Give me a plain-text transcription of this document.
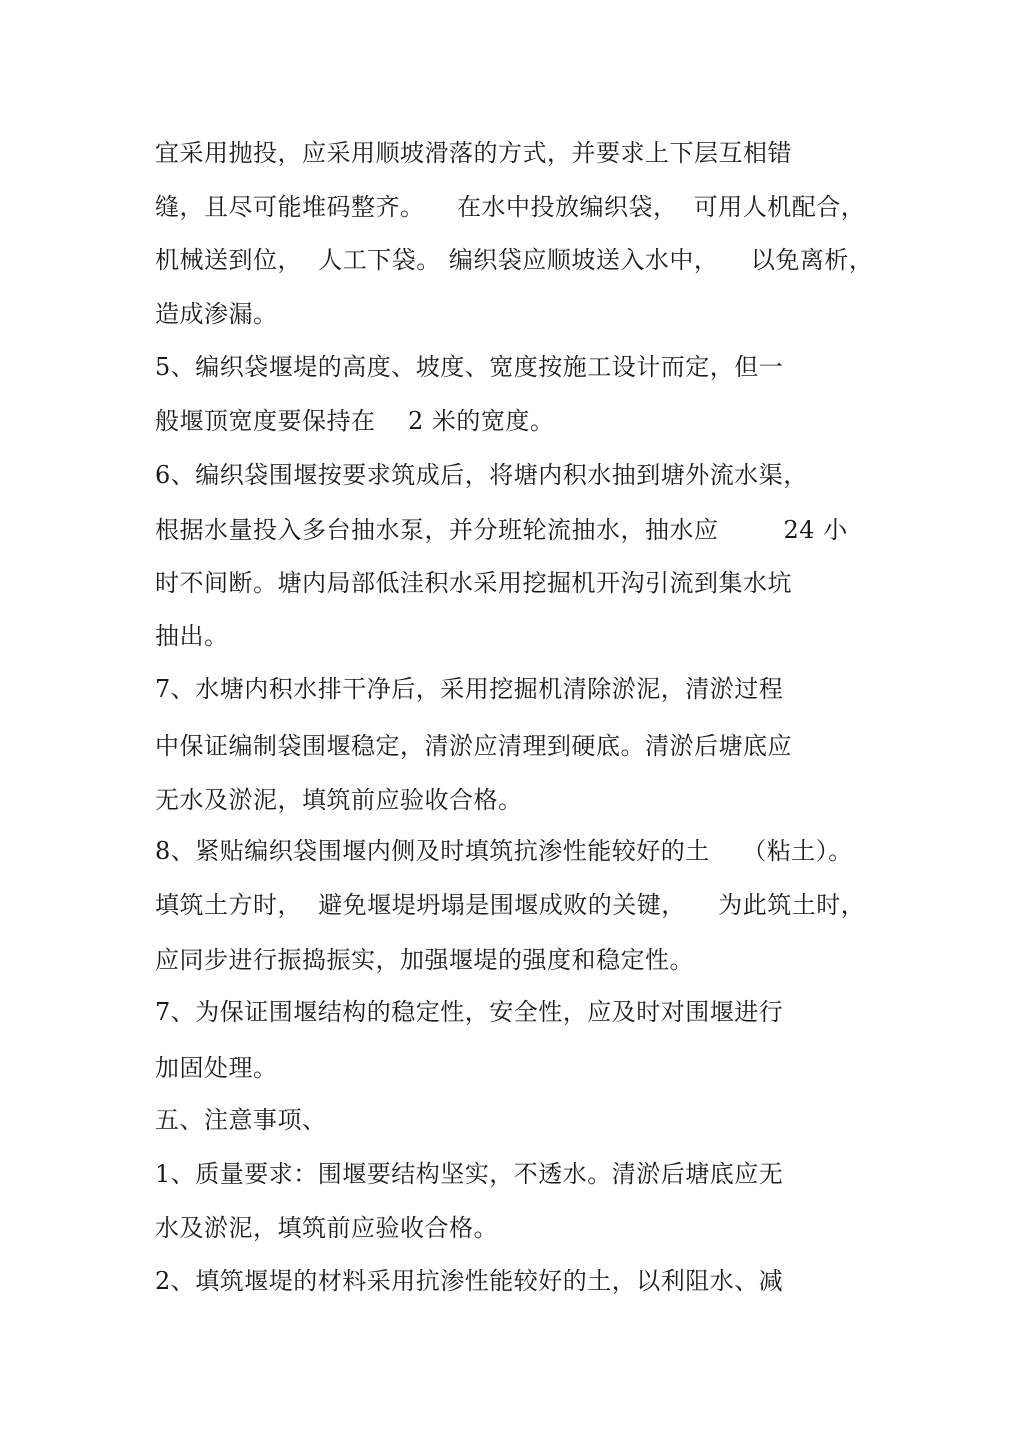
宜采用抛投，应采用顺坡滑落的方式，并要求上下层互相错
缝，且尽可能堆码整齐。    在水中投放编织袋，  可用人机配合，
机械送到位，  人工下袋。 编织袋应顺坡送入水中，    以免离析，
造成渗漏。
5、编织袋堰堤的高度、坡度、宽度按施工设计而定，但一
般堰顶宽度要保持在    2 米的宽度。
6、编织袋围堰按要求筑成后，将塘内积水抽到塘外流水渠，
根据水量投入多台抽水泵，并分班轮流抽水，抽水应        24 小
时不间断。塘内局部低洼积水采用挖掘机开沟引流到集水坑
抽出。
7、水塘内积水排干净后，采用挖掘机清除淤泥，清淤过程
中保证编制袋围堰稳定，清淤应清理到硬底。清淤后塘底应
无水及淤泥，填筑前应验收合格。
8、紧贴编织袋围堰内侧及时填筑抗渗性能较好的土    （粘土）。
填筑土方时，  避免堰堤坍塌是围堰成败的关键，    为此筑土时，
应同步进行振捣振实，加强堰堤的强度和稳定性。
7、为保证围堰结构的稳定性，安全性，应及时对围堰进行
加固处理。
五、注意事项、
1、质量要求：围堰要结构坚实，不透水。清淤后塘底应无
水及淤泥，填筑前应验收合格。
2、填筑堰堤的材料采用抗渗性能较好的土，以利阻水、减
